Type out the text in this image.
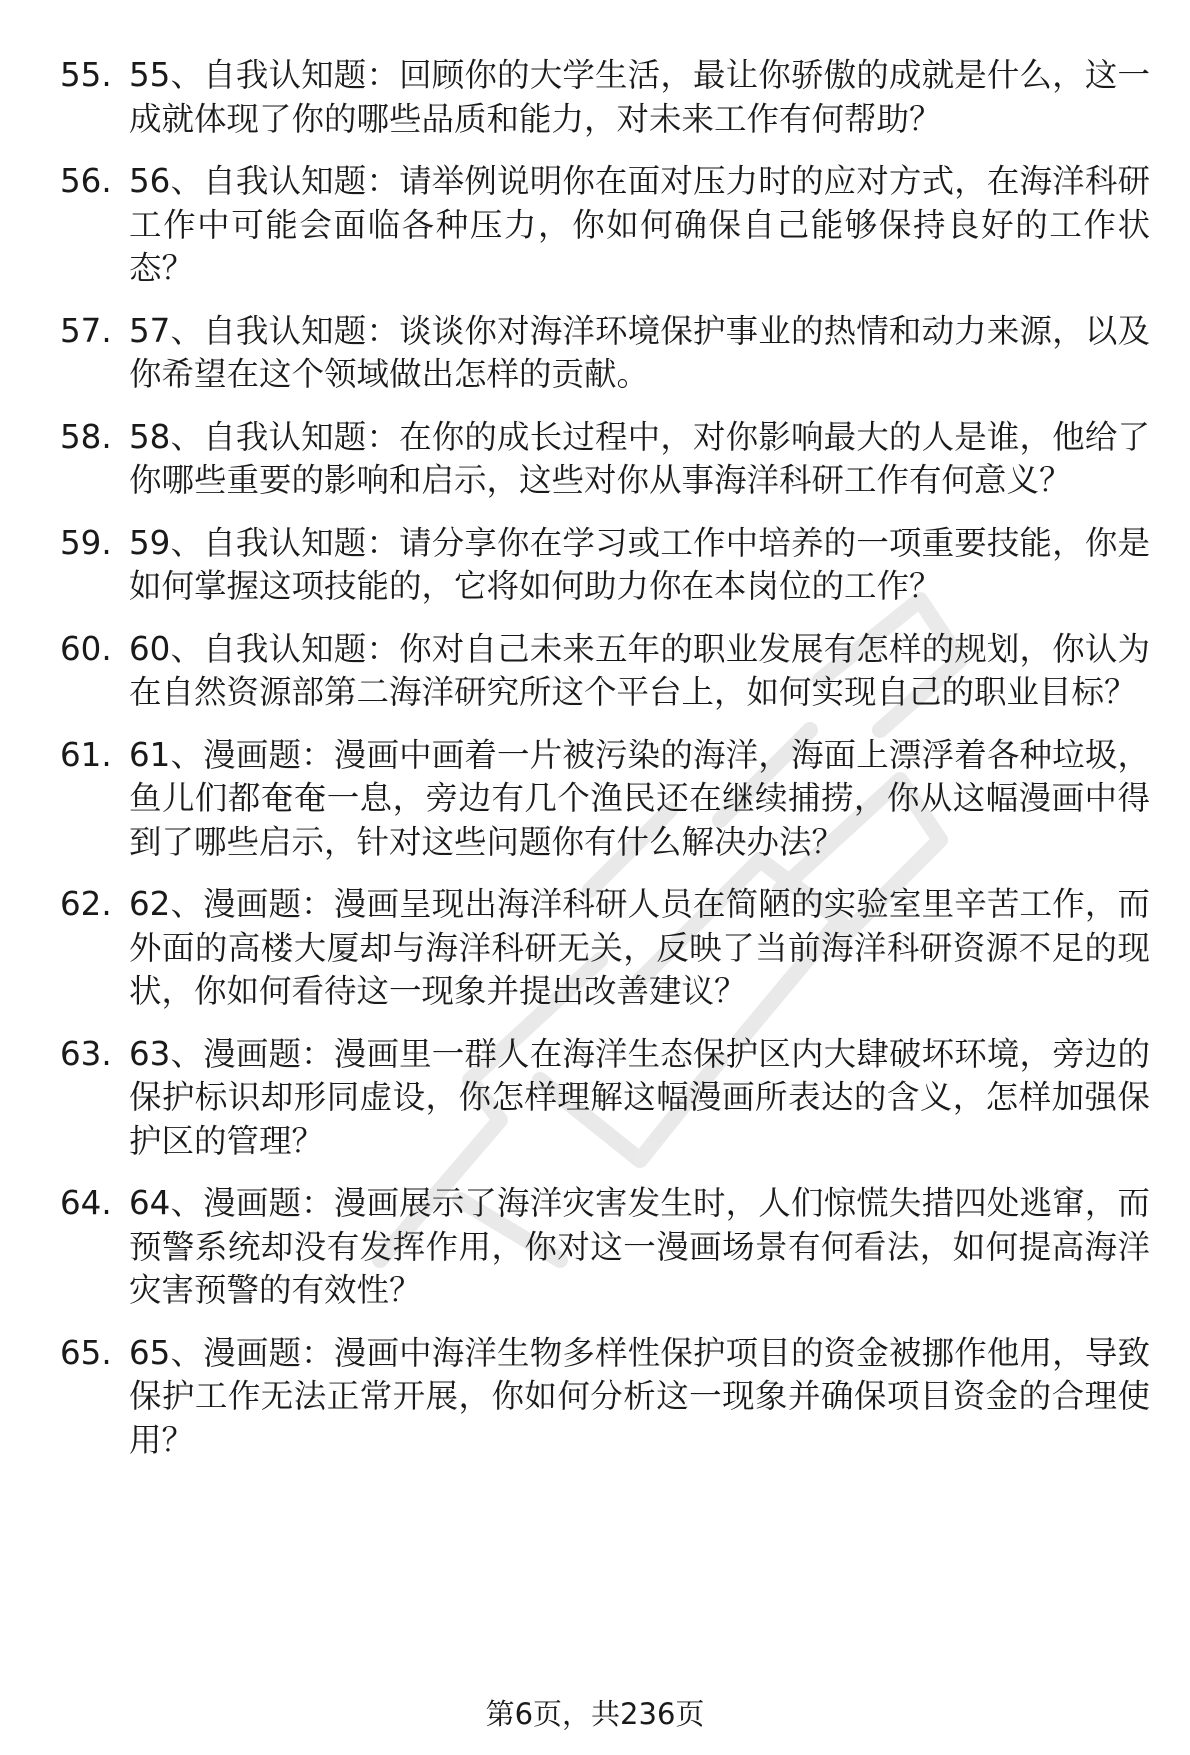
55. 55、自我认知题：回顾你的大学生活，最让你骄傲的成就是什么，这一成就体现了你的哪些品质和能力，对未来工作有何帮助？
56. 56、自我认知题：请举例说明你在面对压力时的应对方式，在海洋科研工作中可能会面临各种压力，你如何确保自己能够保持良好的工作状态？
57. 57、自我认知题：谈谈你对海洋环境保护事业的热情和动力来源，以及你希望在这个领域做出怎样的贡献。
58. 58、自我认知题：在你的成长过程中，对你影响最大的人是谁，他给了你哪些重要的影响和启示，这些对你从事海洋科研工作有何意义？
59. 59、自我认知题：请分享你在学习或工作中培养的一项重要技能，你是如何掌握这项技能的，它将如何助力你在本岗位的工作？
60. 60、自我认知题：你对自己未来五年的职业发展有怎样的规划，你认为在自然资源部第二海洋研究所这个平台上，如何实现自己的职业目标？
61. 61、漫画题：漫画中画着一片被污染的海洋，海面上漂浮着各种垃圾，鱼儿们都奄奄一息，旁边有几个渔民还在继续捕捞，你从这幅漫画中得到了哪些启示，针对这些问题你有什么解决办法？
62. 62、漫画题：漫画呈现出海洋科研人员在简陋的实验室里辛苦工作，而外面的高楼大厦却与海洋科研无关，反映了当前海洋科研资源不足的现状，你如何看待这一现象并提出改善建议？
63. 63、漫画题：漫画里一群人在海洋生态保护区内大肆破坏环境，旁边的保护标识却形同虚设，你怎样理解这幅漫画所表达的含义，怎样加强保护区的管理？
64. 64、漫画题：漫画展示了海洋灾害发生时，人们惊慌失措四处逃窜，而预警系统却没有发挥作用，你对这一漫画场景有何看法，如何提高海洋灾害预警的有效性？
65. 65、漫画题：漫画中海洋生物多样性保护项目的资金被挪作他用，导致保护工作无法正常开展，你如何分析这一现象并确保项目资金的合理使用？
第6页，共236页
